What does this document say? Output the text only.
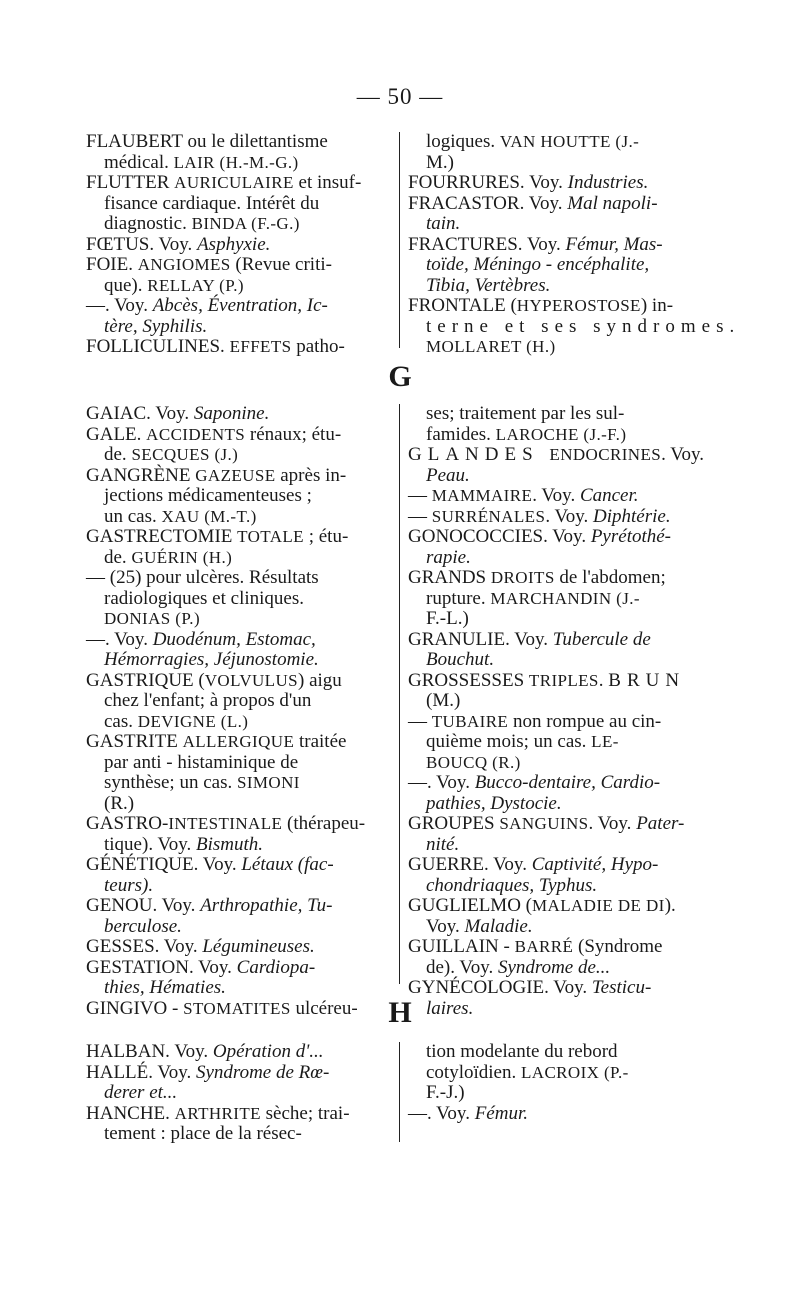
— 50 —
FLAUBERT ou le dilettantisme
médical. LAIR (H.-M.-G.)
FLUTTER AURICULAIRE et insuf-
fisance cardiaque. Intérêt du
diagnostic. BINDA (F.-G.)
FŒTUS. Voy. Asphyxie.
FOIE. ANGIOMES (Revue criti-
que). RELLAY (P.)
—. Voy. Abcès, Éventration, Ic-
tère, Syphilis.
FOLLICULINES. EFFETS patho-
logiques. VAN HOUTTE (J.-
M.)
FOURRURES. Voy. Industries.
FRACASTOR. Voy. Mal napoli-
tain.
FRACTURES. Voy. Fémur, Mas-
toïde, Méningo - encéphalite,
Tibia, Vertèbres.
FRONTALE (HYPEROSTOSE) in-
terne et ses syndromes.
MOLLARET (H.)
G
GAIAC. Voy. Saponine.
GALE. ACCIDENTS rénaux; étu-
de. SECQUES (J.)
GANGRÈNE GAZEUSE après in-
jections médicamenteuses ;
un cas. XAU (M.-T.)
GASTRECTOMIE TOTALE ; étu-
de. GUÉRIN (H.)
— (25) pour ulcères. Résultats
radiologiques et cliniques.
DONIAS (P.)
—. Voy. Duodénum, Estomac,
Hémorragies, Jéjunostomie.
GASTRIQUE (VOLVULUS) aigu
chez l'enfant; à propos d'un
cas. DEVIGNE (L.)
GASTRITE ALLERGIQUE traitée
par anti - histaminique de
synthèse; un cas. SIMONI
(R.)
GASTRO-INTESTINALE (thérapeu-
tique). Voy. Bismuth.
GÉNÉTIQUE. Voy. Létaux (fac-
teurs).
GENOU. Voy. Arthropathie, Tu-
berculose.
GESSES. Voy. Légumineuses.
GESTATION. Voy. Cardiopa-
thies, Hématies.
GINGIVO - STOMATITES ulcéreu-
ses; traitement par les sul-
famides. LAROCHE (J.-F.)
GLANDES ENDOCRINES. Voy.
Peau.
— MAMMAIRE. Voy. Cancer.
— SURRÉNALES. Voy. Diphtérie.
GONOCOCCIES. Voy. Pyrétothé-
rapie.
GRANDS DROITS de l'abdomen;
rupture. MARCHANDIN (J.-
F.-L.)
GRANULIE. Voy. Tubercule de
Bouchut.
GROSSESSES TRIPLES. BRUN
(M.)
— TUBAIRE non rompue au cin-
quième mois; un cas. LE-
BOUCQ (R.)
—. Voy. Bucco-dentaire, Cardio-
pathies, Dystocie.
GROUPES SANGUINS. Voy. Pater-
nité.
GUERRE. Voy. Captivité, Hypo-
chondriaques, Typhus.
GUGLIELMO (MALADIE DE DI).
Voy. Maladie.
GUILLAIN - BARRÉ (Syndrome
de). Voy. Syndrome de...
GYNÉCOLOGIE. Voy. Testicu-
laires.
H
HALBAN. Voy. Opération d'...
HALLÉ. Voy. Syndrome de Rœ-
derer et...
HANCHE. ARTHRITE sèche; trai-
tement : place de la résec-
tion modelante du rebord
cotyloïdien. LACROIX (P.-
F.-J.)
—. Voy. Fémur.
